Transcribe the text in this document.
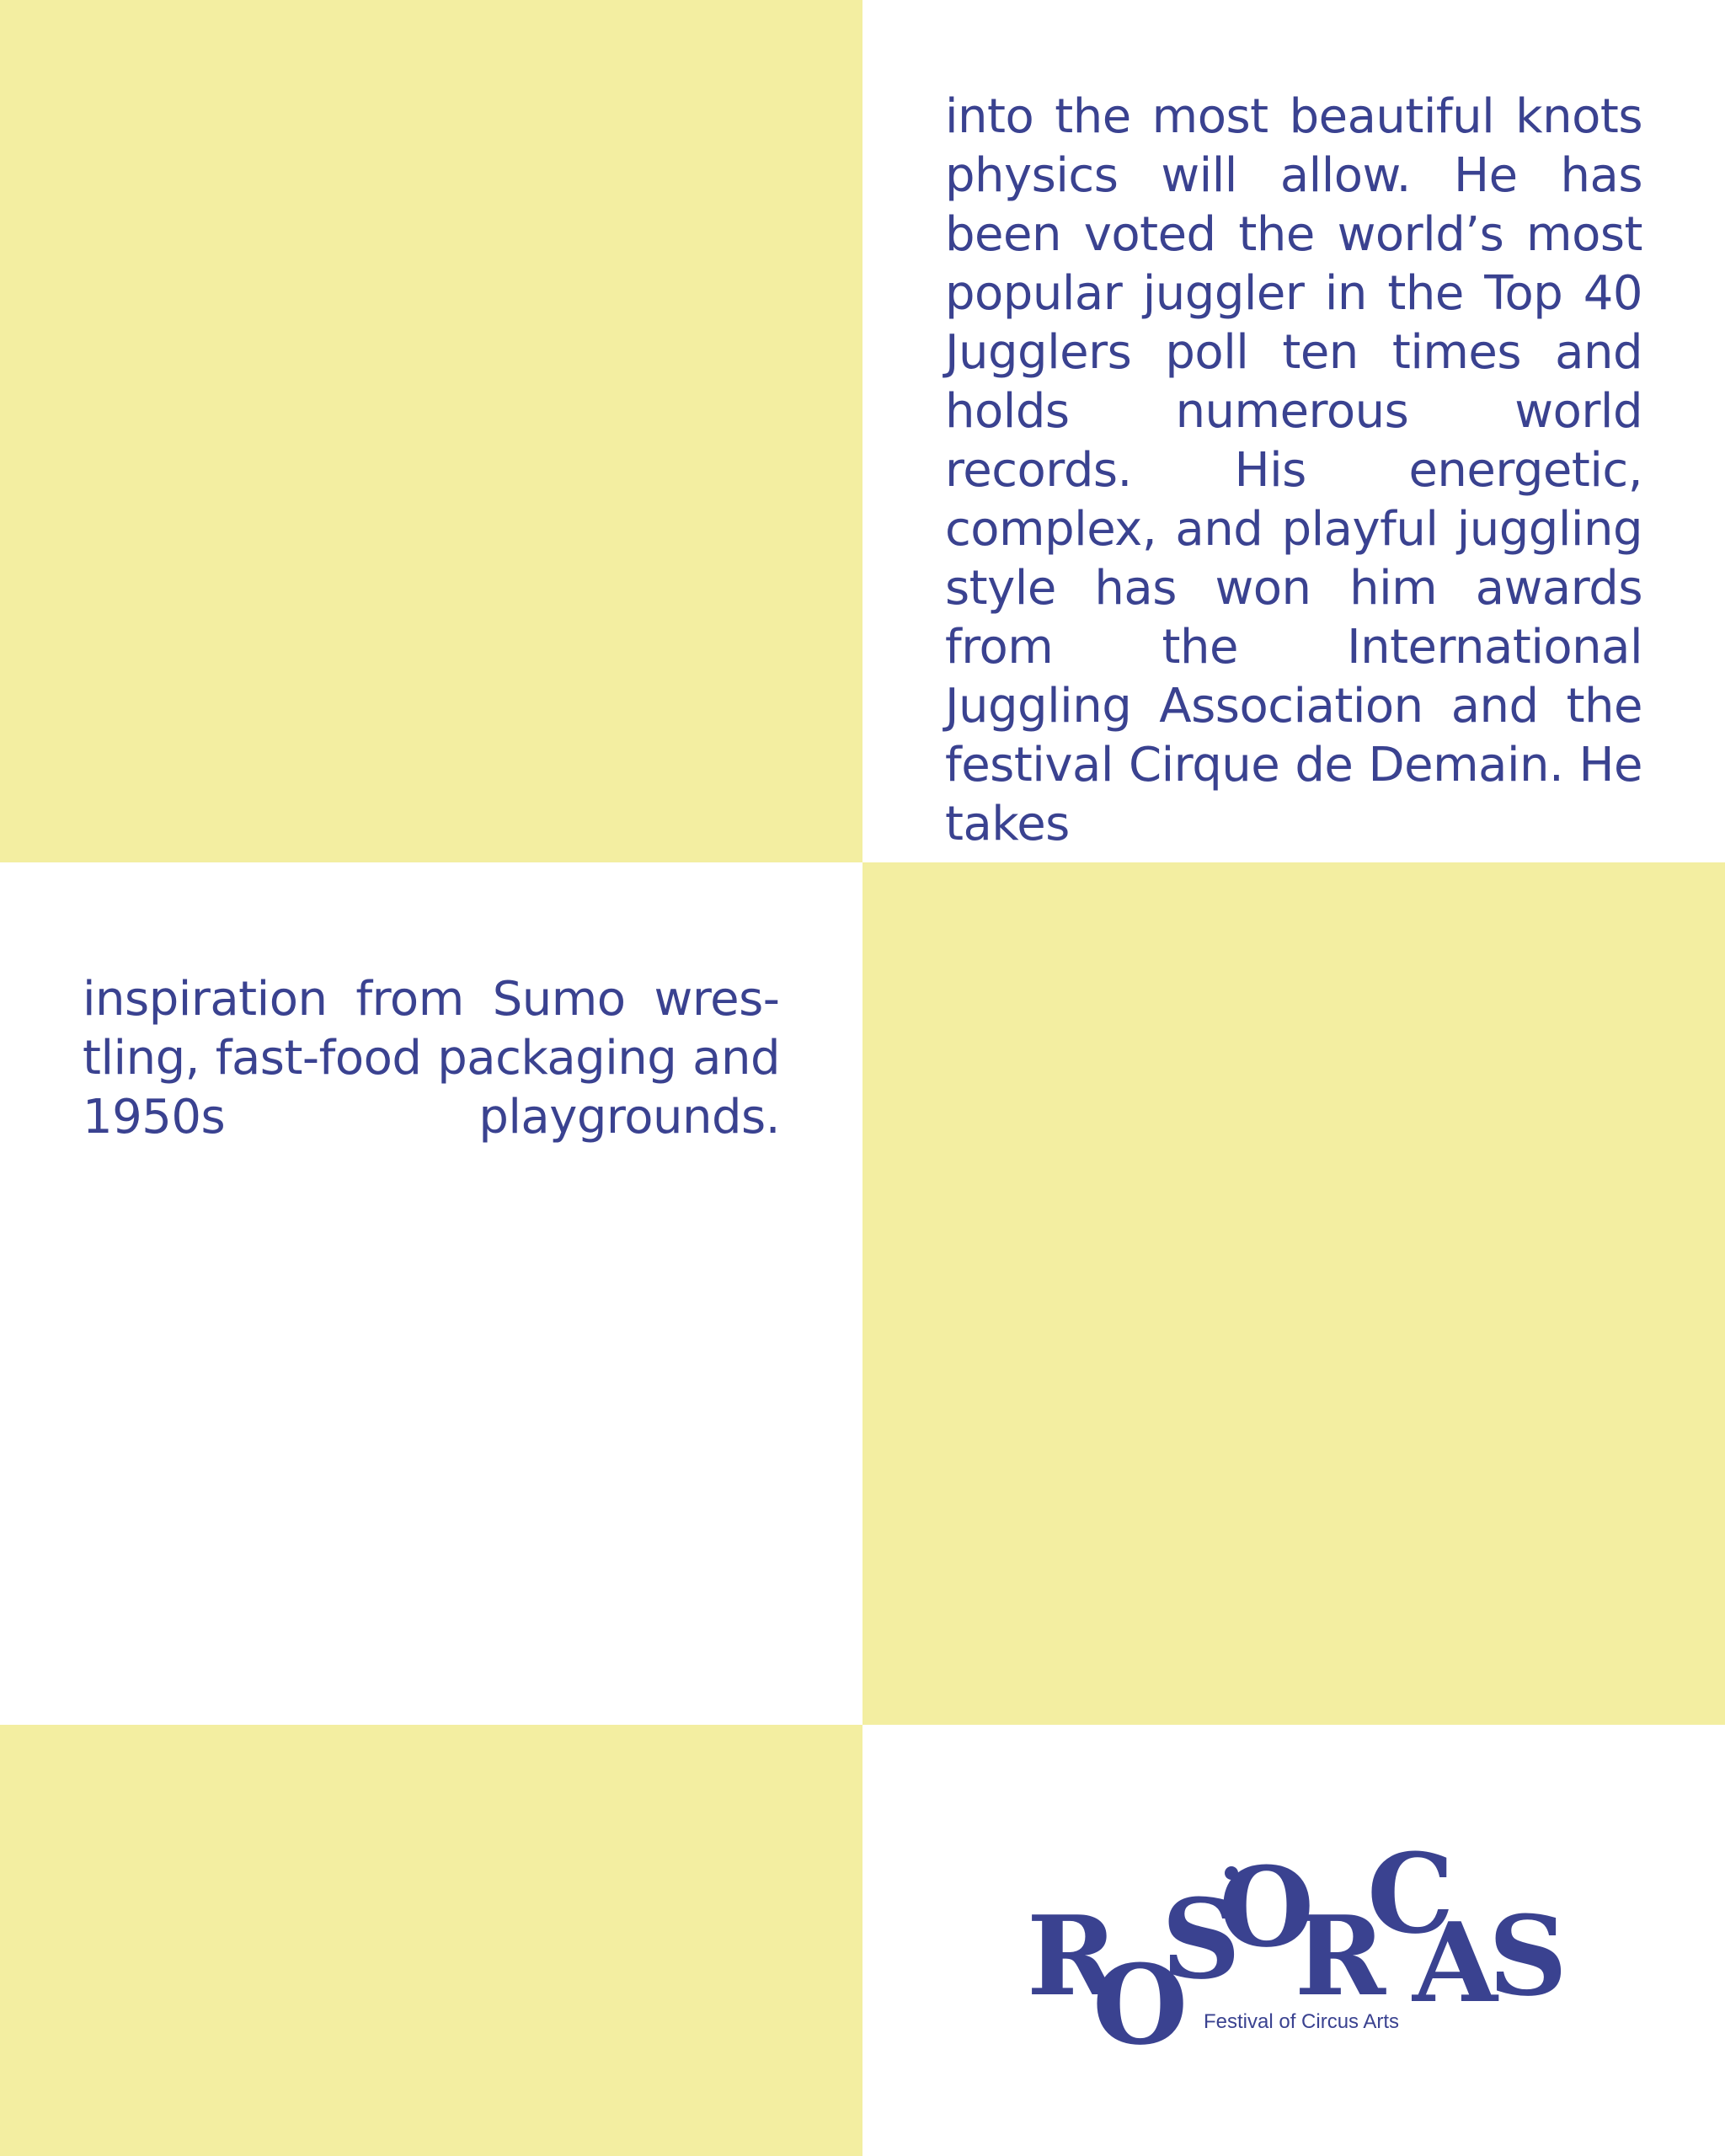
into the most beautiful knots physics will allow. He has been voted the world’s most popular juggler in the Top 40 Jugglers poll ten times and holds numerous world records. His energetic, complex, and playful juggling style has won him awards from the International Juggling Association and the festival Cirque de Demain. He takes

inspiration from Sumo wrestling, fast-food packaging and 1950s playgrounds.

R
O
S
O
R
C
A
S
Festival of Circus Arts
